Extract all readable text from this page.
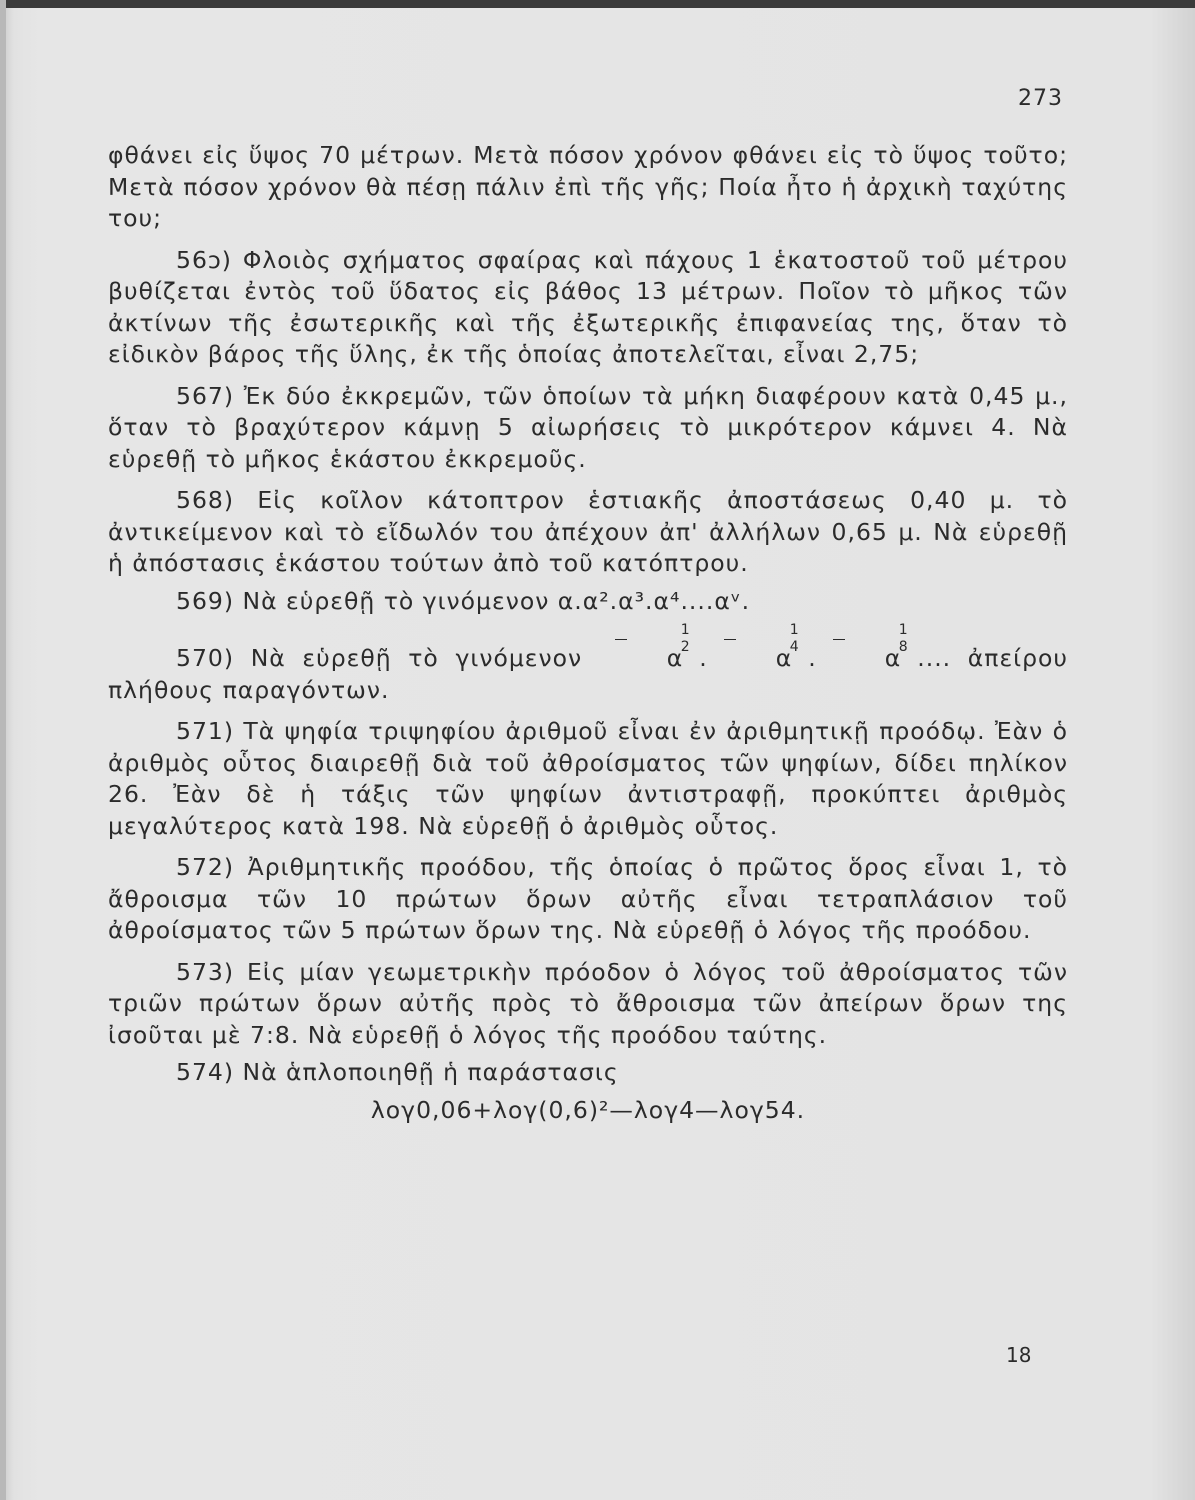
273

φθάνει εἰς ὕψος 70 μέτρων. Μετὰ πόσον χρόνον φθάνει εἰς τὸ ὕψος τοῦτο; Μετὰ πόσον χρόνον θὰ πέσῃ πάλιν ἐπὶ τῆς γῆς; Ποία ἦτο ἡ ἀρχικὴ ταχύτης του;

56ͻ) Φλοιὸς σχήματος σφαίρας καὶ πάχους 1 ἑκατοστοῦ τοῦ μέτρου βυθίζεται ἐντὸς τοῦ ὕδατος εἰς βάθος 13 μέτρων. Ποῖον τὸ μῆκος τῶν ἀκτίνων τῆς ἐσωτερικῆς καὶ τῆς ἐξωτερικῆς ἐπιφανείας της, ὅταν τὸ εἰδικὸν βάρος τῆς ὕλης, ἐκ τῆς ὁποίας ἀποτελεῖται, εἶναι 2,75;

567) Ἐκ δύο ἐκκρεμῶν, τῶν ὁποίων τὰ μήκη διαφέρουν κατὰ 0,45 μ., ὅταν τὸ βραχύτερον κάμνῃ 5 αἰωρήσεις τὸ μικρότερον κάμνει 4. Νὰ εὑρεθῇ τὸ μῆκος ἑκάστου ἐκκρεμοῦς.

568) Εἰς κοῖλον κάτοπτρον ἑστιακῆς ἀποστάσεως 0,40 μ. τὸ ἀντικείμενον καὶ τὸ εἴδωλόν του ἀπέχουν ἀπ' ἀλλήλων 0,65 μ. Νὰ εὑρεθῇ ἡ ἀπόστασις ἑκάστου τούτων ἀπὸ τοῦ κατόπτρου.

569) Νὰ εὑρεθῇ τὸ γινόμενον α.α².α³.α⁴....αᵛ.

570) Νὰ εὑρεθῇ τὸ γινόμενον	α
1
2 .	α
1
4 .	α
1
8 .... ἀπείρου πλήθους παραγόντων.

571) Τὰ ψηφία τριψηφίου ἀριθμοῦ εἶναι ἐν ἀριθμητικῇ προόδῳ. Ἐὰν ὁ ἀριθμὸς οὗτος διαιρεθῇ διὰ τοῦ ἀθροίσματος τῶν ψηφίων, δίδει πηλίκον 26. Ἐὰν δὲ ἡ τάξις τῶν ψηφίων ἀντιστραφῇ, προκύπτει ἀριθμὸς μεγαλύτερος κατὰ 198. Νὰ εὑρεθῇ ὁ ἀριθμὸς οὗτος.

572) Ἀριθμητικῆς προόδου, τῆς ὁποίας ὁ πρῶτος ὅρος εἶναι 1, τὸ ἄθροισμα τῶν 10 πρώτων ὅρων αὐτῆς εἶναι τετραπλάσιον τοῦ ἀθροίσματος τῶν 5 πρώτων ὅρων της. Νὰ εὑρεθῇ ὁ λόγος τῆς προόδου.

573) Εἰς μίαν γεωμετρικὴν πρόοδον ὁ λόγος τοῦ ἀθροίσματος τῶν τριῶν πρώτων ὅρων αὐτῆς πρὸς τὸ ἄθροισμα τῶν ἀπείρων ὅρων της ἰσοῦται μὲ 7:8. Νὰ εὑρεθῇ ὁ λόγος τῆς προόδου ταύτης.

574) Νὰ ἁπλοποιηθῇ ἡ παράστασις

λογ0,06+λογ(0,6)²—λογ4—λογ54.

18
